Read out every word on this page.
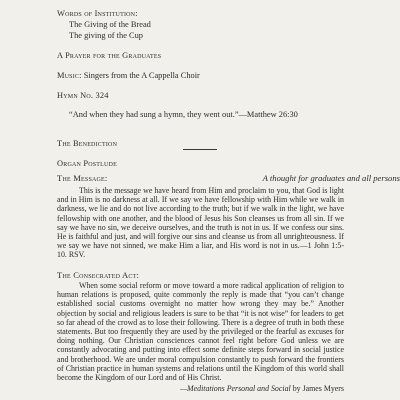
Words of Institution:

The Giving of the Bread

The giving of the Cup

A Prayer for the Graduates

Music: Singers from the A Cappella Choir

Hymn No. 324

“And when they had sung a hymn, they went out.”—Matthew 26:30

The Benediction

Organ Postlude

The Message:	A thought for graduates and all persons

This is the message we have heard from Him and proclaim to you, that God is light and in Him is no darkness at all. If we say we have fellowship with Him while we walk in darkness, we lie and do not live according to the truth; but if we walk in the light, we have fellowship with one another, and the blood of Jesus his Son cleanses us from all sin. If we say we have no sin, we deceive ourselves, and the truth is not in us. If we confess our sins. He is faithful and just, and will forgive our sins and cleanse us from all unrighteousness. If we say we have not sinned, we make Him a liar, and His word is not in us.—1 John 1:5-10. RSV.

The Consecrated Act:

When some social reform or move toward a more radical application of religion to human relations is proposed, quite commonly the reply is made that “you can’t change established social customs overnight no matter how wrong they may be.” Another objection by social and religious leaders is sure to be that “it is not wise” for leaders to get so far ahead of the crowd as to lose their following. There is a degree of truth in both these statements. But too frequently they are used by the privileged or the fearful as excuses for doing nothing. Our Christian consciences cannot feel right before God unless we are constantly advocating and putting into effect some definite steps forward in social justice and brotherhood. We are under moral compulsion constantly to push forward the frontiers of Christian practice in human systems and relations until the Kingdom of this world shall become the Kingdom of our Lord and of His Christ.

—Meditations Personal and Social by James Myers
